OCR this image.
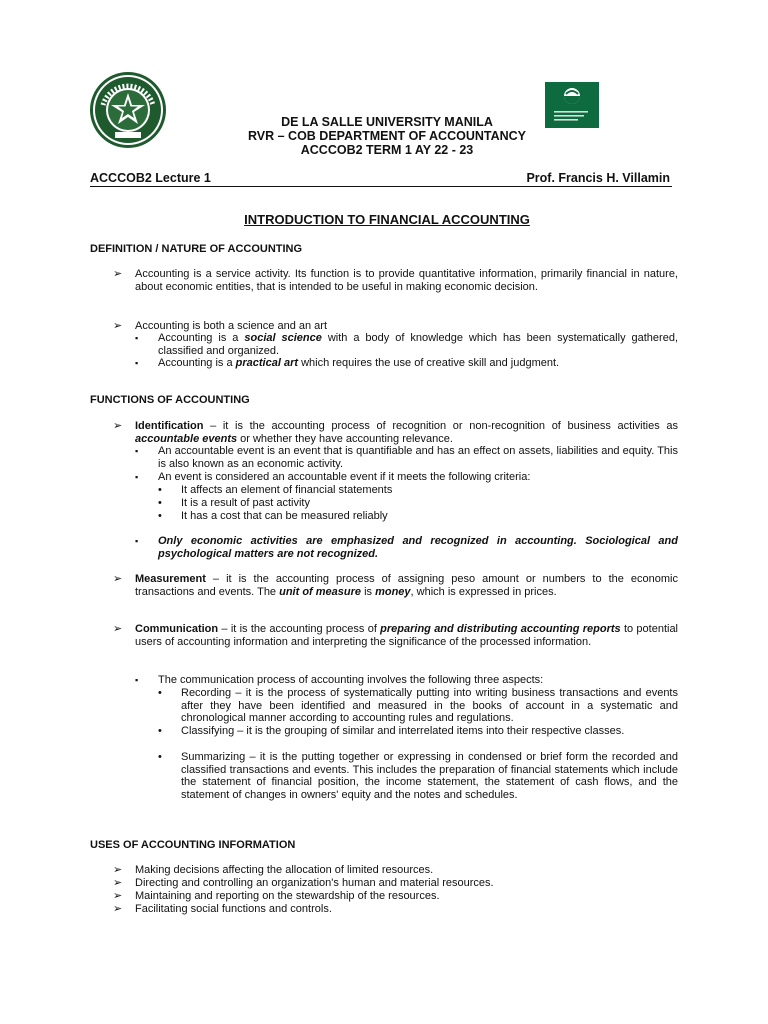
DE LA SALLE UNIVERSITY MANILA
RVR – COB DEPARTMENT OF ACCOUNTANCY
ACCCOB2 TERM 1 AY 22 - 23
ACCCOB2 Lecture 1	Prof. Francis H. Villamin
INTRODUCTION TO FINANCIAL ACCOUNTING
DEFINITION / NATURE OF ACCOUNTING
➢ Accounting is a service activity. Its function is to provide quantitative information, primarily financial in nature, about economic entities, that is intended to be useful in making economic decision.
➢ Accounting is both a science and an art
▪ Accounting is a social science with a body of knowledge which has been systematically gathered, classified and organized.
▪ Accounting is a practical art which requires the use of creative skill and judgment.
FUNCTIONS OF ACCOUNTING
➢ Identification – it is the accounting process of recognition or non-recognition of business activities as accountable events or whether they have accounting relevance.
▪ An accountable event is an event that is quantifiable and has an effect on assets, liabilities and equity. This is also known as an economic activity.
▪ An event is considered an accountable event if it meets the following criteria:
• It affects an element of financial statements
• It is a result of past activity
• It has a cost that can be measured reliably
▪ Only economic activities are emphasized and recognized in accounting. Sociological and psychological matters are not recognized.
➢ Measurement – it is the accounting process of assigning peso amount or numbers to the economic transactions and events. The unit of measure is money, which is expressed in prices.
➢ Communication – it is the accounting process of preparing and distributing accounting reports to potential users of accounting information and interpreting the significance of the processed information.
▪ The communication process of accounting involves the following three aspects:
• Recording – it is the process of systematically putting into writing business transactions and events after they have been identified and measured in the books of account in a systematic and chronological manner according to accounting rules and regulations.
• Classifying – it is the grouping of similar and interrelated items into their respective classes.
• Summarizing – it is the putting together or expressing in condensed or brief form the recorded and classified transactions and events. This includes the preparation of financial statements which include the statement of financial position, the income statement, the statement of cash flows, and the statement of changes in owners' equity and the notes and schedules.
USES OF ACCOUNTING INFORMATION
➢ Making decisions affecting the allocation of limited resources.
➢ Directing and controlling an organization's human and material resources.
➢ Maintaining and reporting on the stewardship of the resources.
➢ Facilitating social functions and controls.
